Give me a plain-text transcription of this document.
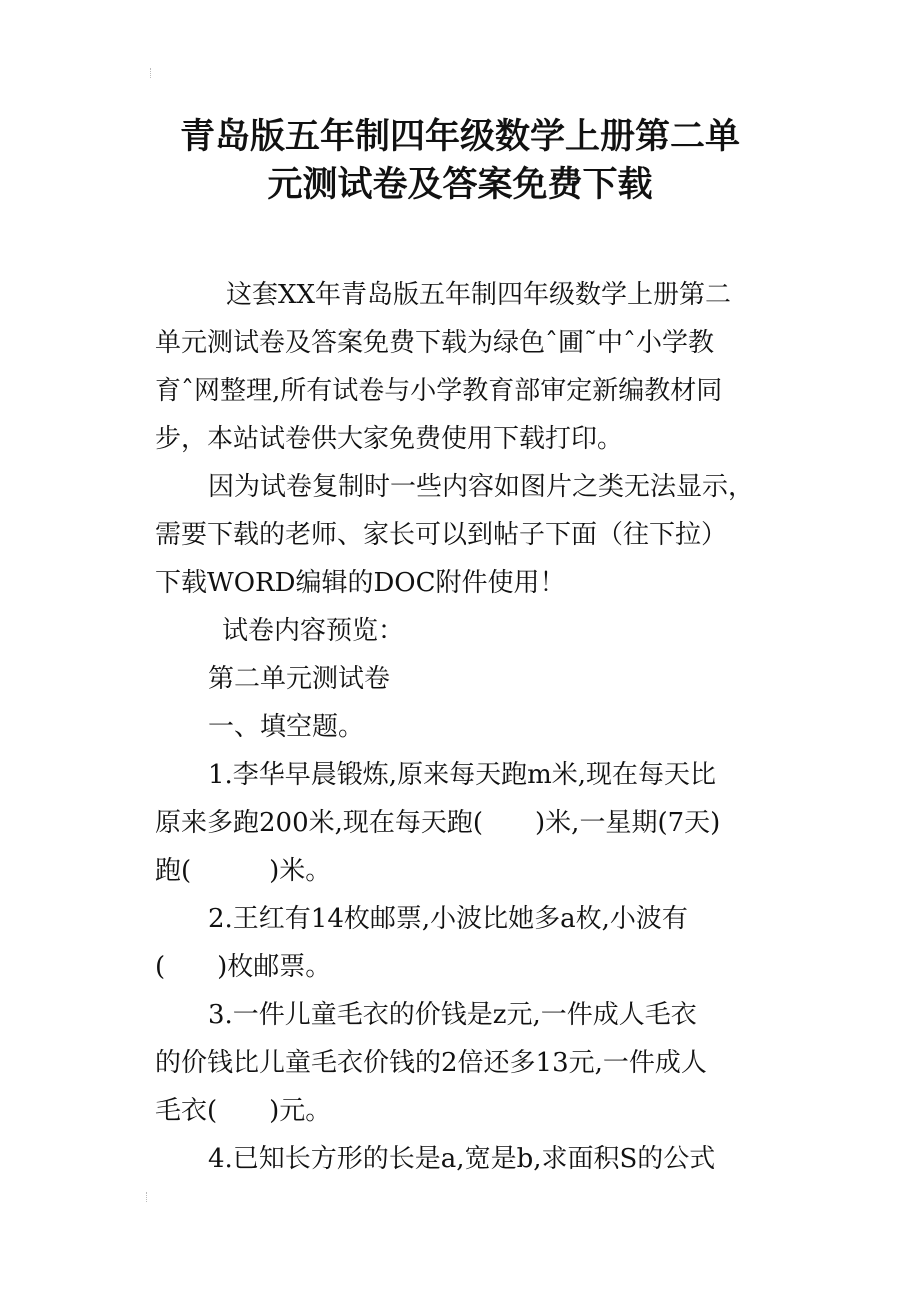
青岛版五年制四年级数学上册第二单
元测试卷及答案免费下载

这套XX年青岛版五年制四年级数学上册第二

单元测试卷及答案免费下载为绿色ˆ圃˜中ˆ小学教

育ˆ网整理,所有试卷与小学教育部审定新编教材同

步，本站试卷供大家免费使用下载打印。

因为试卷复制时一些内容如图片之类无法显示，

需要下载的老师、家长可以到帖子下面（往下拉）

下载WORD编辑的DOC附件使用！

试卷内容预览：

第二单元测试卷

一、填空题。

1.李华早晨锻炼,原来每天跑m米,现在每天比

原来多跑200米,现在每天跑(　　)米,一星期(7天)

跑(　　　)米。

2.王红有14枚邮票,小波比她多a枚,小波有

(　　)枚邮票。

3.一件儿童毛衣的价钱是z元,一件成人毛衣

的价钱比儿童毛衣价钱的2倍还多13元,一件成人

毛衣(　　)元。

4.已知长方形的长是a,宽是b,求面积S的公式
